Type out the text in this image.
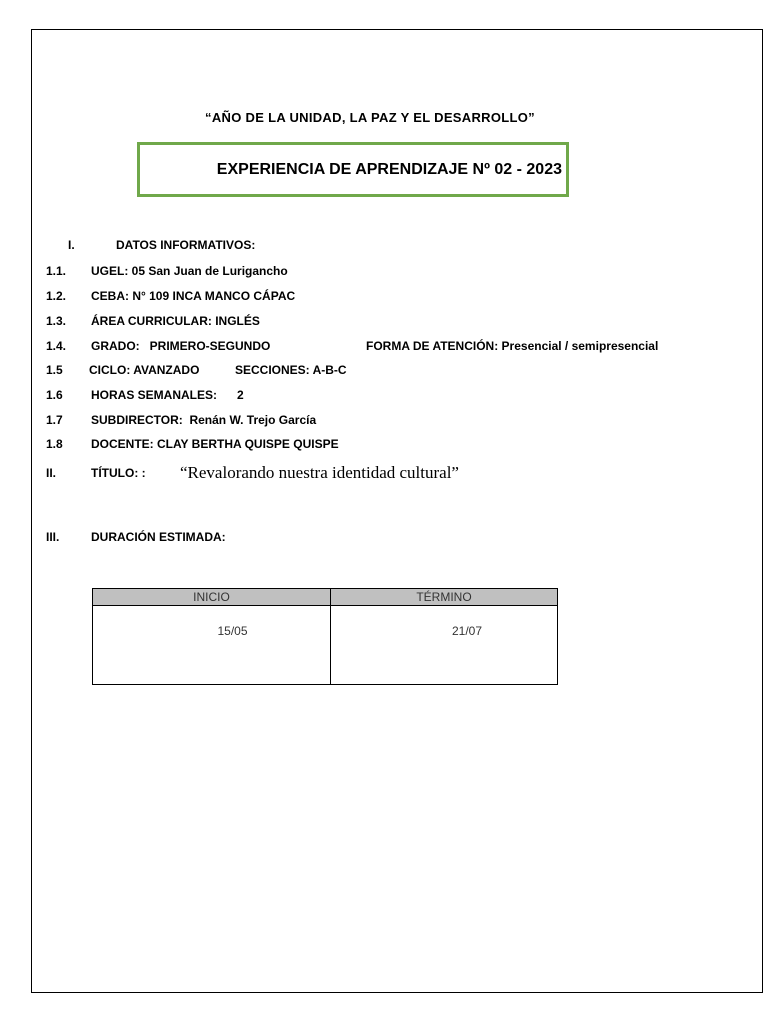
“AÑO DE LA UNIDAD, LA PAZ Y EL DESARROLLO”
EXPERIENCIA DE APRENDIZAJE Nº 02 - 2023
I.	DATOS INFORMATIVOS:
1.1. UGEL: 05 San Juan de Lurigancho
1.2. CEBA: N° 109 INCA MANCO CÁPAC
1.3. ÁREA CURRICULAR: INGLÉS
1.4. GRADO:   PRIMERO-SEGUNDO	FORMA DE ATENCIÓN: Presencial / semipresencial
1.5 CICLO: AVANZADO	SECCIONES: A-B-C
1.6 HORAS SEMANALES:      2
1.7 SUBDIRECTOR:  Renán W. Trejo García
1.8 DOCENTE: CLAY BERTHA QUISPE QUISPE
II.	TÍTULO: : “Revalorando nuestra identidad cultural”
III.	DURACIÓN ESTIMADA:
INICIO	TÉRMINO

15/05	21/07
